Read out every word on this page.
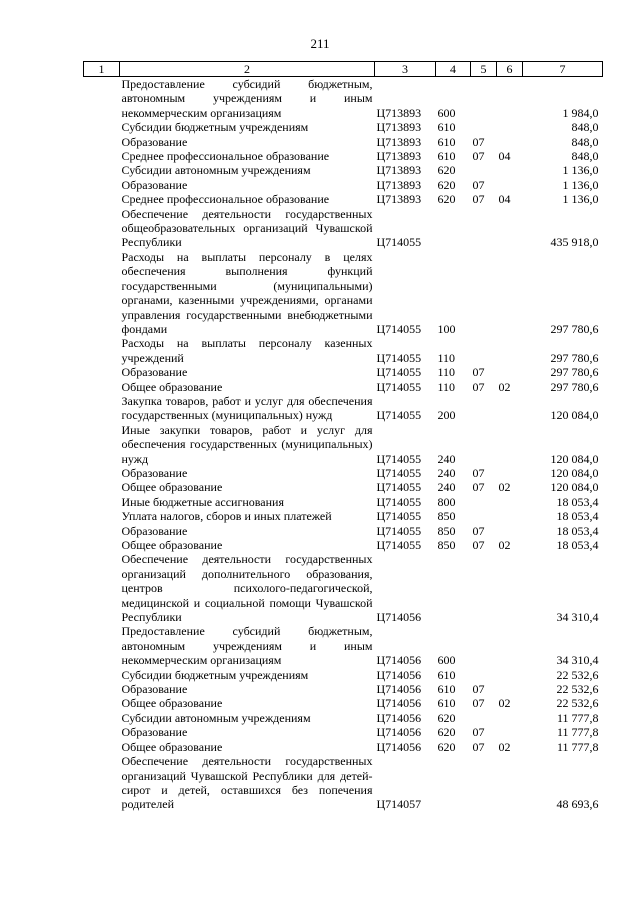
211
1	2	3	4	5	6	7
	Предоставление субсидий бюджетным, автономным учреждениям и иным некоммерческим организациям	Ц713893	600			1 984,0
	Субсидии бюджетным учреждениям	Ц713893	610			848,0
	Образование	Ц713893	610	07		848,0
	Среднее профессиональное образование	Ц713893	610	07	04	848,0
	Субсидии автономным учреждениям	Ц713893	620			1 136,0
	Образование	Ц713893	620	07		1 136,0
	Среднее профессиональное образование	Ц713893	620	07	04	1 136,0
	Обеспечение деятельности государственных общеобразовательных организаций Чувашской Республики	Ц714055				435 918,0
	Расходы на выплаты персоналу в целях обеспечения выполнения функций государственными (муниципальными) органами, казенными учреждениями, органами управления государственными внебюджетными фондами	Ц714055	100			297 780,6
	Расходы на выплаты персоналу казенных учреждений	Ц714055	110			297 780,6
	Образование	Ц714055	110	07		297 780,6
	Общее образование	Ц714055	110	07	02	297 780,6
	Закупка товаров, работ и услуг для обеспечения государственных (муниципальных) нужд	Ц714055	200			120 084,0
	Иные закупки товаров, работ и услуг для обеспечения государственных (муниципальных) нужд	Ц714055	240			120 084,0
	Образование	Ц714055	240	07		120 084,0
	Общее образование	Ц714055	240	07	02	120 084,0
	Иные бюджетные ассигнования	Ц714055	800			18 053,4
	Уплата налогов, сборов и иных платежей	Ц714055	850			18 053,4
	Образование	Ц714055	850	07		18 053,4
	Общее образование	Ц714055	850	07	02	18 053,4
	Обеспечение деятельности государственных организаций дополнительного образования, центров психолого-педагогической, медицинской и социальной помощи Чувашской Республики	Ц714056				34 310,4
	Предоставление субсидий бюджетным, автономным учреждениям и иным некоммерческим организациям	Ц714056	600			34 310,4
	Субсидии бюджетным учреждениям	Ц714056	610			22 532,6
	Образование	Ц714056	610	07		22 532,6
	Общее образование	Ц714056	610	07	02	22 532,6
	Субсидии автономным учреждениям	Ц714056	620			11 777,8
	Образование	Ц714056	620	07		11 777,8
	Общее образование	Ц714056	620	07	02	11 777,8
	Обеспечение деятельности государственных организаций Чувашской Республики для детей-сирот и детей, оставшихся без попечения родителей	Ц714057				48 693,6
